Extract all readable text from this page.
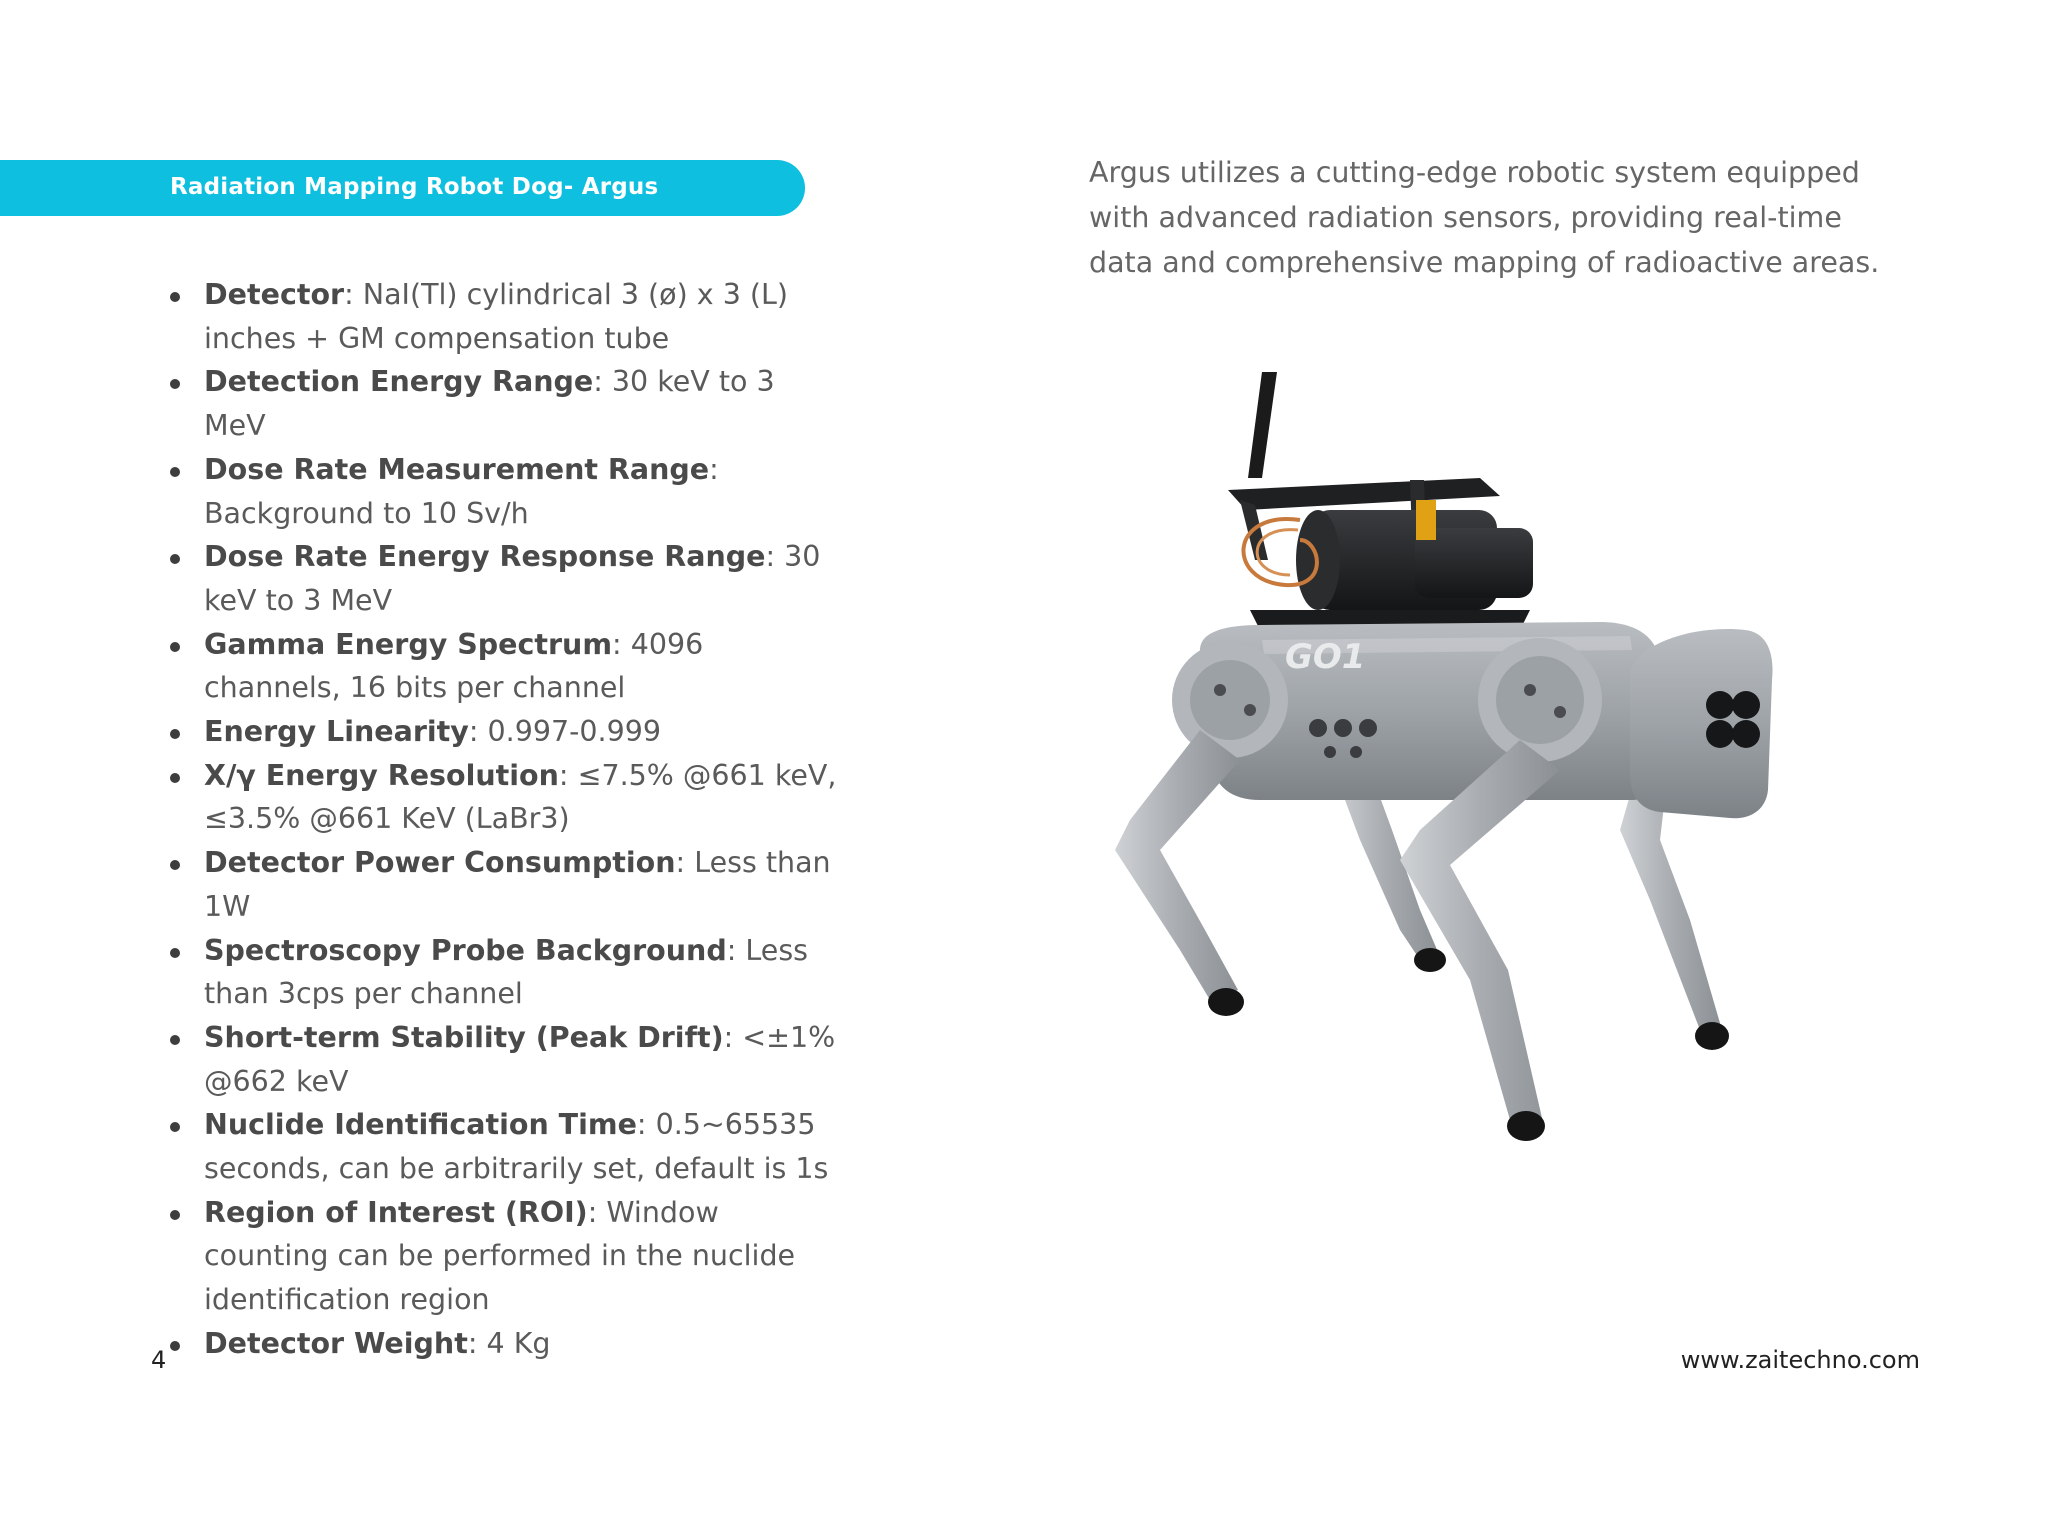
Radiation Mapping Robot Dog- Argus
Detector: NaI(Tl) cylindrical 3 (ø) x 3 (L) inches + GM compensation tube
Detection Energy Range: 30 keV to 3 MeV
Dose Rate Measurement Range: Background to 10 Sv/h
Dose Rate Energy Response Range: 30 keV to 3 MeV
Gamma Energy Spectrum: 4096 channels, 16 bits per channel
Energy Linearity: 0.997-0.999
X/γ Energy Resolution: ≤7.5% @661 keV, ≤3.5% @661 KeV (LaBr3)
Detector Power Consumption: Less than 1W
Spectroscopy Probe Background: Less than 3cps per channel
Short-term Stability (Peak Drift): <±1% @662 keV
Nuclide Identification Time: 0.5~65535 seconds, can be arbitrarily set, default is 1s
Region of Interest (ROI): Window counting can be performed in the nuclide identification region
Detector Weight: 4 Kg

Argus utilizes a cutting-edge robotic system equipped
with advanced radiation sensors, providing real-time
data and comprehensive mapping of radioactive areas.

GO1
4	www.zaitechno.com
